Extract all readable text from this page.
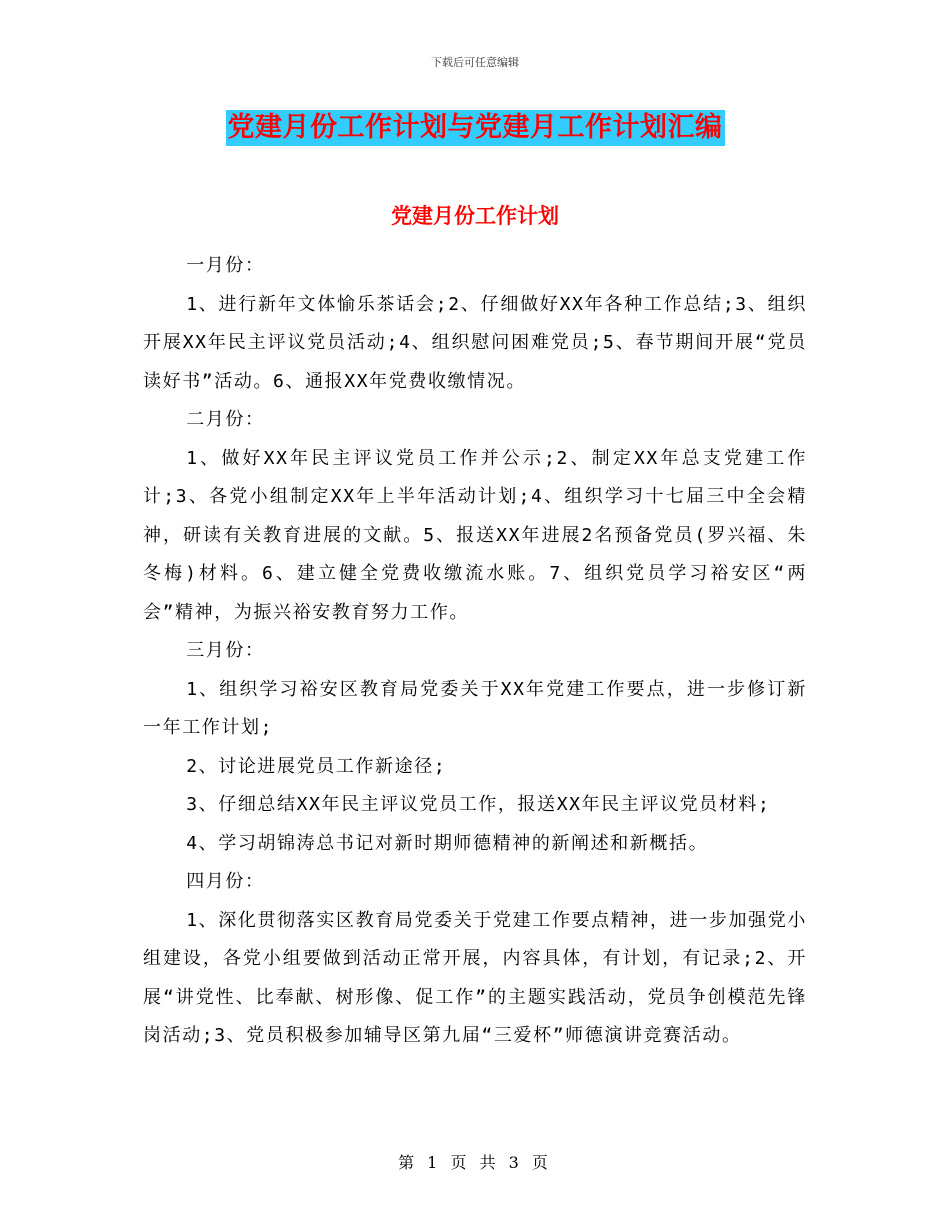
下载后可任意编辑
党建月份工作计划与党建月工作计划汇编
党建月份工作计划

一月份：

1、进行新年文体愉乐茶话会;2、仔细做好XX年各种工作总结;3、组织开展XX年民主评议党员活动;4、组织慰问困难党员;5、春节期间开展“党员读好书”活动。6、通报XX年党费收缴情况。

二月份：

1、做好XX年民主评议党员工作并公示;2、制定XX年总支党建工作计;3、各党小组制定XX年上半年活动计划;4、组织学习十七届三中全会精神，研读有关教育进展的文献。5、报送XX年进展2名预备党员(罗兴福、朱冬梅)材料。6、建立健全党费收缴流水账。7、组织党员学习裕安区“两会”精神，为振兴裕安教育努力工作。

三月份：

1、组织学习裕安区教育局党委关于XX年党建工作要点，进一步修订新一年工作计划;

2、讨论进展党员工作新途径;

3、仔细总结XX年民主评议党员工作，报送XX年民主评议党员材料;

4、学习胡锦涛总书记对新时期师德精神的新阐述和新概括。

四月份：

1、深化贯彻落实区教育局党委关于党建工作要点精神，进一步加强党小组建设，各党小组要做到活动正常开展，内容具体，有计划，有记录;2、开展“讲党性、比奉献、树形像、促工作”的主题实践活动，党员争创模范先锋岗活动;3、党员积极参加辅导区第九届“三爱杯”师德演讲竞赛活动。

第 1 页 共 3 页
